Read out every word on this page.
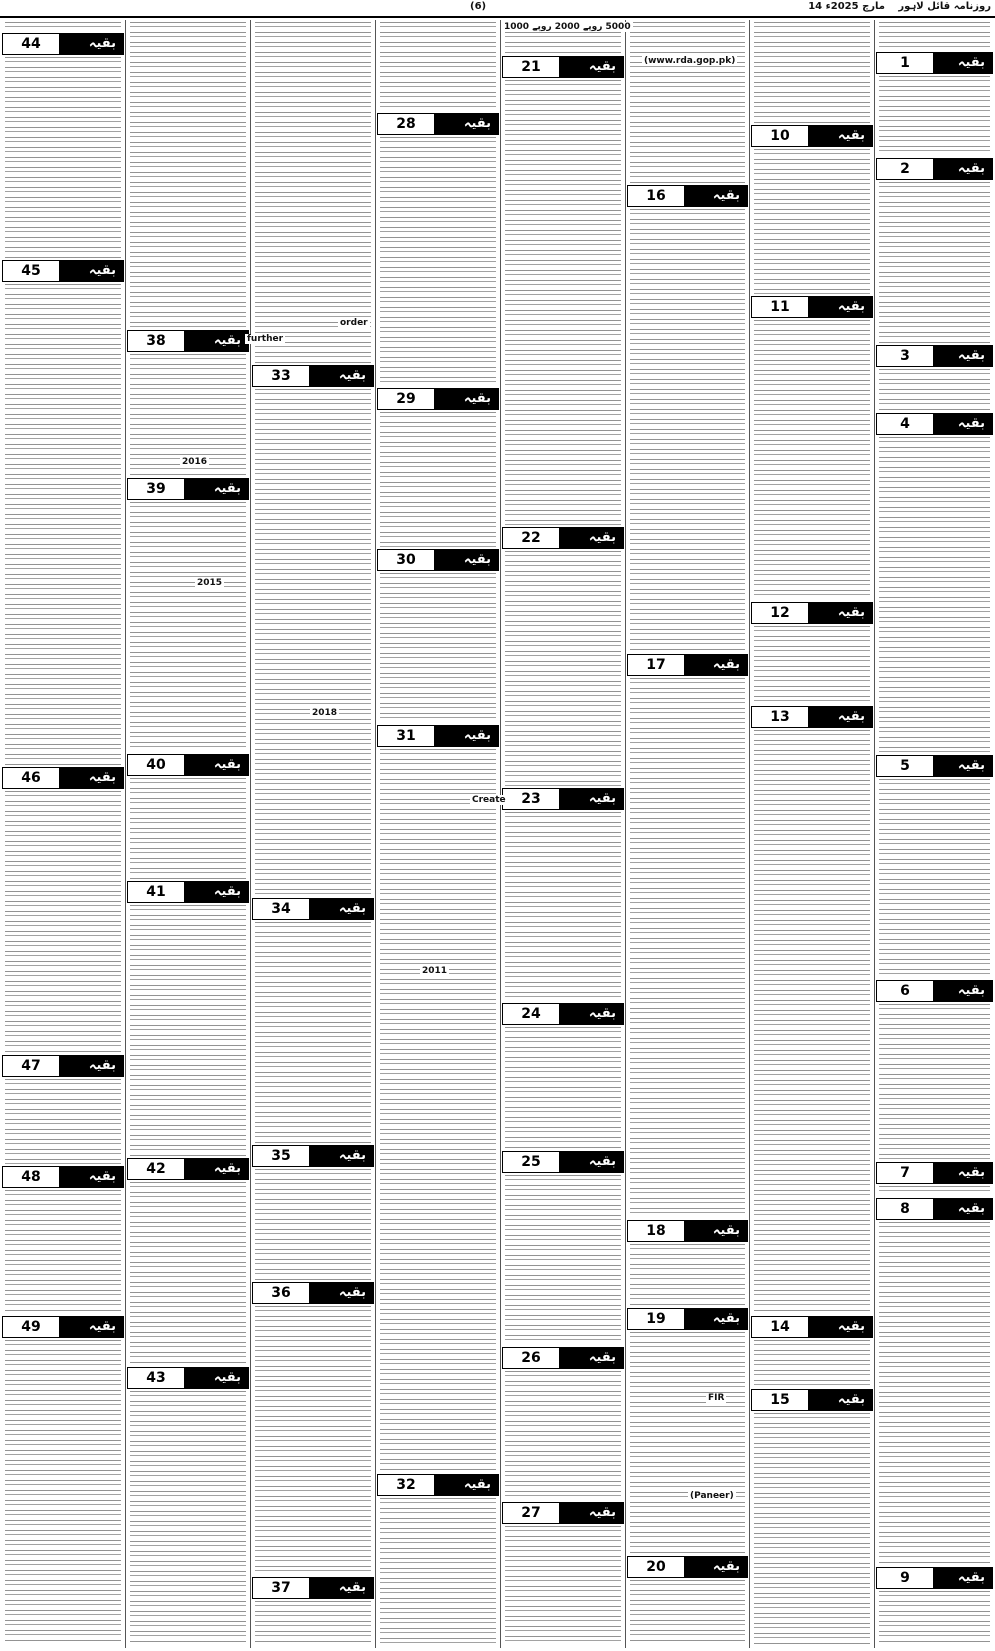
(6)	14 مارچ 2025ء روزنامہ قائل لاہور
1	بقیہ
2	بقیہ
3	بقیہ
4	بقیہ
5	بقیہ
6	بقیہ
7	بقیہ
8	بقیہ
9	بقیہ
10	بقیہ
11	بقیہ
12	بقیہ
13	بقیہ
14	بقیہ
15	بقیہ
16	بقیہ
17	بقیہ
18	بقیہ
19	بقیہ
20	بقیہ
21	بقیہ
22	بقیہ
23	بقیہ
24	بقیہ
25	بقیہ
26	بقیہ
27	بقیہ
28	بقیہ
29	بقیہ
30	بقیہ
31	بقیہ
32	بقیہ
33	بقیہ
34	بقیہ
35	بقیہ
36	بقیہ
37	بقیہ
38	بقیہ
39	بقیہ
40	بقیہ
41	بقیہ
42	بقیہ
43	بقیہ
44	بقیہ
45	بقیہ
46	بقیہ
47	بقیہ
48	بقیہ
49	بقیہ
(www.rda.gop.pk)
5000 روپے 2000 روپے 1000
Create
(Paneer)
order
further
2016
2015
2018
2011
FIR
